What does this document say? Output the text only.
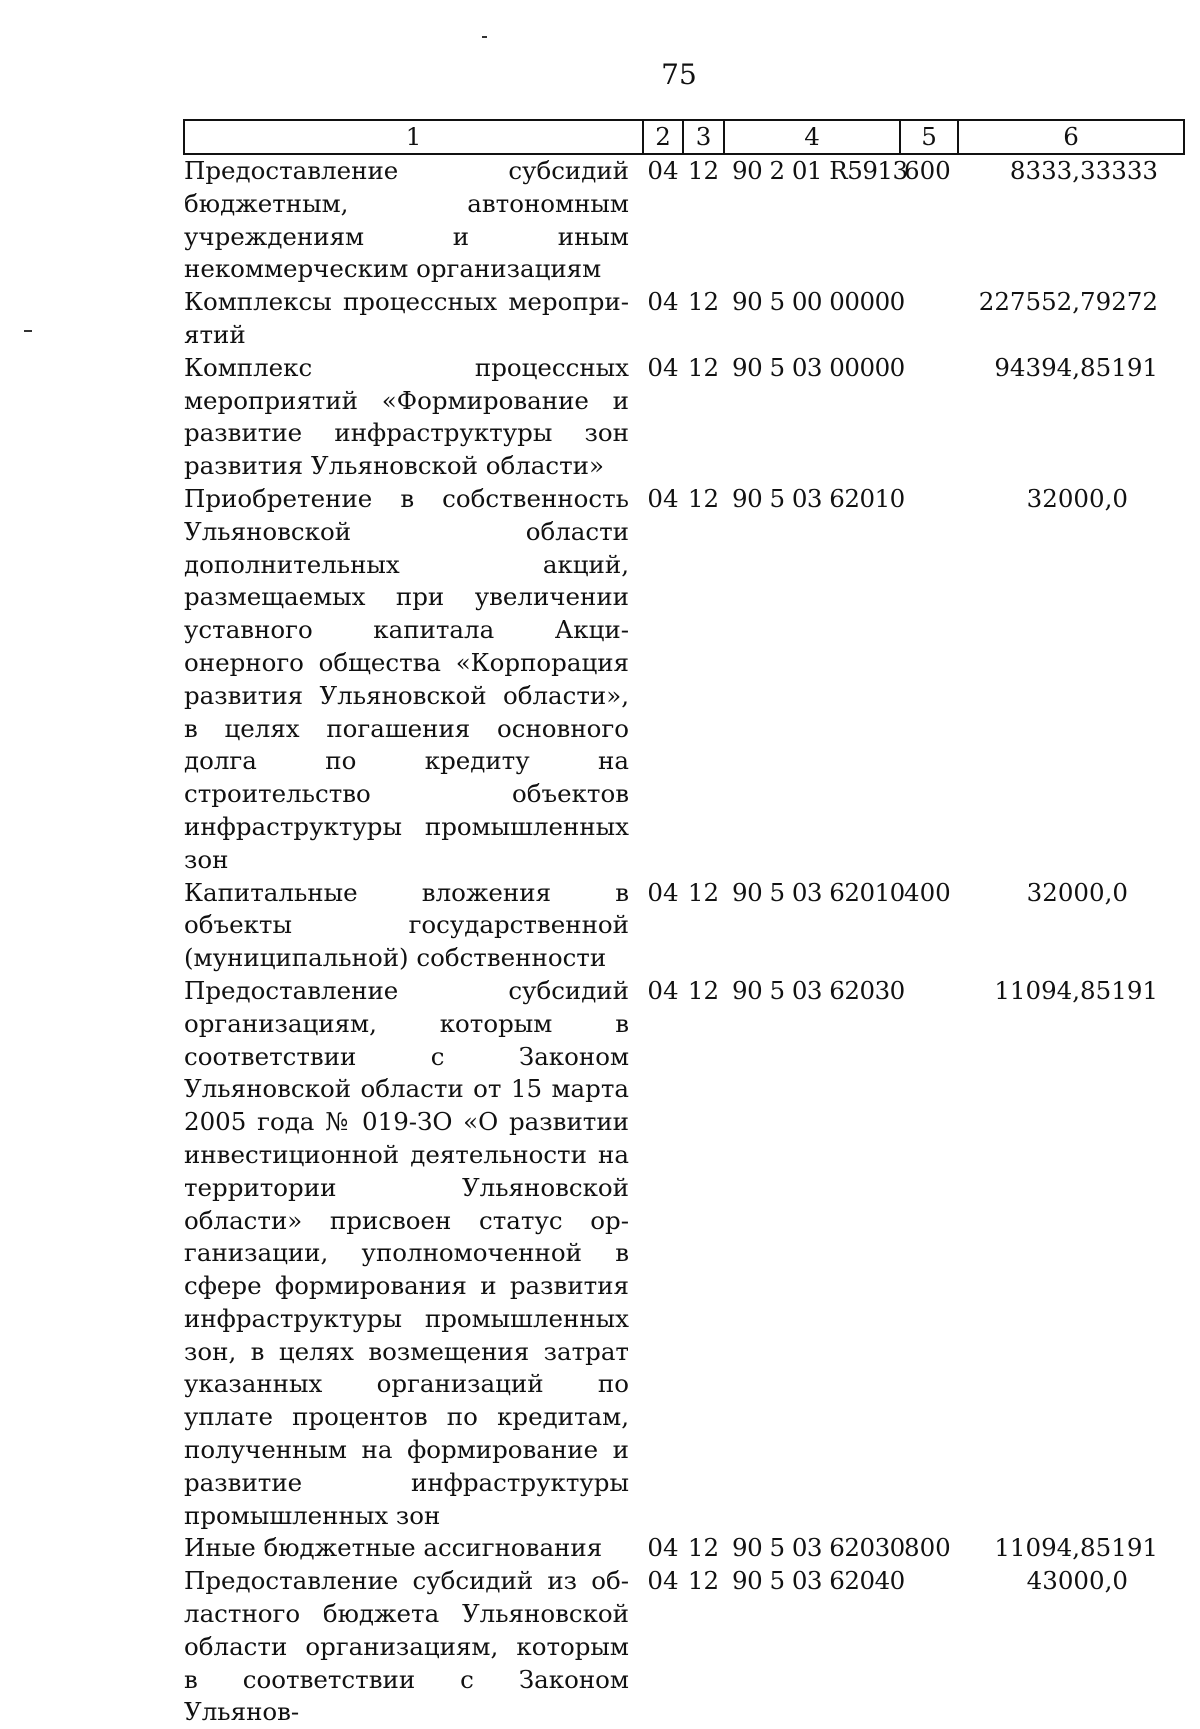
75
1	2	3	4	5	6
Предоставление субсидий бюджетным, автономным учреждениям и иным некоммерческим организациям	04	12	90 2 01 R5913	600	8333,33333
Комплексы процессных мероприятий	04	12	90 5 00 00000		227552,79272
Комплекс процессных мероприятий «Формирование и развитие инфраструктуры зон развития Ульяновской области»	04	12	90 5 03 00000		94394,85191
Приобретение в собственность Ульяновской области дополнительных акций, размещаемых при увеличении уставного капитала Акционерного общества «Корпорация развития Ульяновской области», в целях погашения основного долга по кредиту на строительство объектов инфраструктуры промышленных зон	04	12	90 5 03 62010		32000,0
Капитальные вложения в объекты государственной (муниципальной) собственности	04	12	90 5 03 62010	400	32000,0
Предоставление субсидий организациям, которым в соответствии с Законом Ульяновской области от 15 марта 2005 года № 019-ЗО «О развитии инвестиционной деятельности на территории Ульяновской области» присвоен статус организации, уполномоченной в сфере формирования и развития инфраструктуры промышленных зон, в целях возмещения затрат указанных организаций по уплате процентов по кредитам, полученным на формирование и развитие инфраструктуры промышленных зон	04	12	90 5 03 62030		11094,85191
Иные бюджетные ассигнования	04	12	90 5 03 62030	800	11094,85191
Предоставление субсидий из областного бюджета Ульяновской области организациям, которым в соответствии с Законом Ульянов-	04	12	90 5 03 62040		43000,0
